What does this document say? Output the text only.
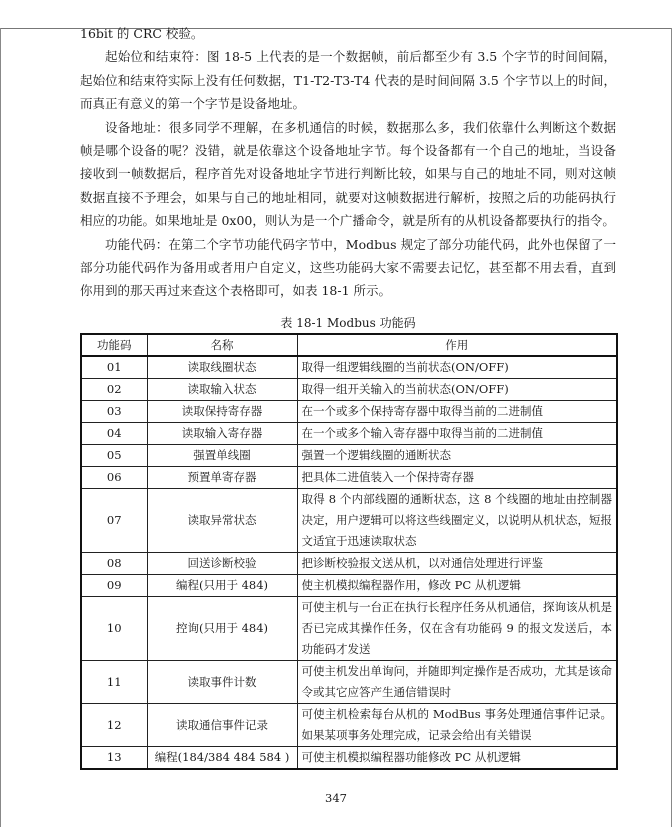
16bit 的 CRC 校验。

起始位和结束符：图 18-5 上代表的是一个数据帧，前后都至少有 3.5 个字节的时间间隔，起始位和结束符实际上没有任何数据，T1-T2-T3-T4 代表的是时间间隔 3.5 个字节以上的时间，而真正有意义的第一个字节是设备地址。

设备地址：很多同学不理解，在多机通信的时候，数据那么多，我们依靠什么判断这个数据帧是哪个设备的呢？没错，就是依靠这个设备地址字节。每个设备都有一个自己的地址，当设备接收到一帧数据后，程序首先对设备地址字节进行判断比较，如果与自己的地址不同，则对这帧数据直接不予理会，如果与自己的地址相同，就要对这帧数据进行解析，按照之后的功能码执行相应的功能。如果地址是 0x00，则认为是一个广播命令，就是所有的从机设备都要执行的指令。

功能代码：在第二个字节功能代码字节中，Modbus 规定了部分功能代码，此外也保留了一部分功能代码作为备用或者用户自定义，这些功能码大家不需要去记忆，甚至都不用去看，直到你用到的那天再过来查这个表格即可，如表 18-1 所示。

表 18-1 Modbus 功能码
功能码	名称	作用
01	读取线圈状态	取得一组逻辑线圈的当前状态(ON/OFF)
02	读取输入状态	取得一组开关输入的当前状态(ON/OFF)
03	读取保持寄存器	在一个或多个保持寄存器中取得当前的二进制值
04	读取输入寄存器	在一个或多个输入寄存器中取得当前的二进制值
05	强置单线圈	强置一个逻辑线圈的通断状态
06	预置单寄存器	把具体二进值装入一个保持寄存器
07	读取异常状态	取得 8 个内部线圈的通断状态，这 8 个线圈的地址由控制器决定，用户逻辑可以将这些线圈定义，以说明从机状态，短报文适宜于迅速读取状态
08	回送诊断校验	把诊断校验报文送从机，以对通信处理进行评鉴
09	编程(只用于 484)	使主机模拟编程器作用，修改 PC 从机逻辑
10	控询(只用于 484)	可使主机与一台正在执行长程序任务从机通信，探询该从机是否已完成其操作任务，仅在含有功能码 9 的报文发送后，本功能码才发送
11	读取事件计数	可使主机发出单询问，并随即判定操作是否成功，尤其是该命令或其它应答产生通信错误时
12	读取通信事件记录	可使主机检索每台从机的 ModBus 事务处理通信事件记录。如果某项事务处理完成，记录会给出有关错误
13	编程(184/384 484 584 )	可使主机模拟编程器功能修改 PC 从机逻辑
347
